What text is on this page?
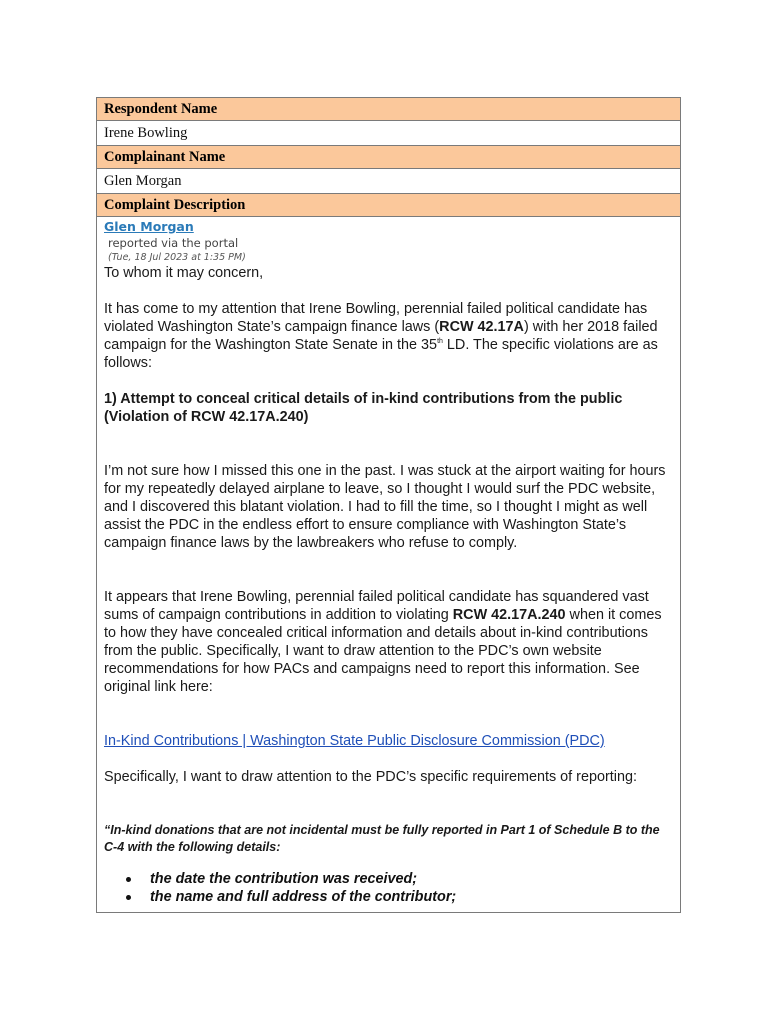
Respondent Name
Irene Bowling
Complainant Name
Glen Morgan
Complaint Description
Glen Morgan
reported via the portal
(Tue, 18 Jul 2023 at 1:35 PM)

To whom it may concern,

It has come to my attention that Irene Bowling, perennial failed political candidate has violated Washington State’s campaign finance laws (RCW 42.17A) with her 2018 failed campaign for the Washington State Senate in the 35th LD. The specific violations are as follows:

1) Attempt to conceal critical details of in-kind contributions from the public (Violation of RCW 42.17A.240)

I’m not sure how I missed this one in the past. I was stuck at the airport waiting for hours for my repeatedly delayed airplane to leave, so I thought I would surf the PDC website, and I discovered this blatant violation. I had to fill the time, so I thought I might as well assist the PDC in the endless effort to ensure compliance with Washington State’s campaign finance laws by the lawbreakers who refuse to comply.

It appears that Irene Bowling, perennial failed political candidate has squandered vast sums of campaign contributions in addition to violating RCW 42.17A.240 when it comes to how they have concealed critical information and details about in-kind contributions from the public. Specifically, I want to draw attention to the PDC’s own website recommendations for how PACs and campaigns need to report this information. See original link here:

In-Kind Contributions | Washington State Public Disclosure Commission (PDC)

Specifically, I want to draw attention to the PDC’s specific requirements of reporting:

“In-kind donations that are not incidental must be fully reported in Part 1 of Schedule B to the C-4 with the following details:

the date the contribution was received;
the name and full address of the contributor;
